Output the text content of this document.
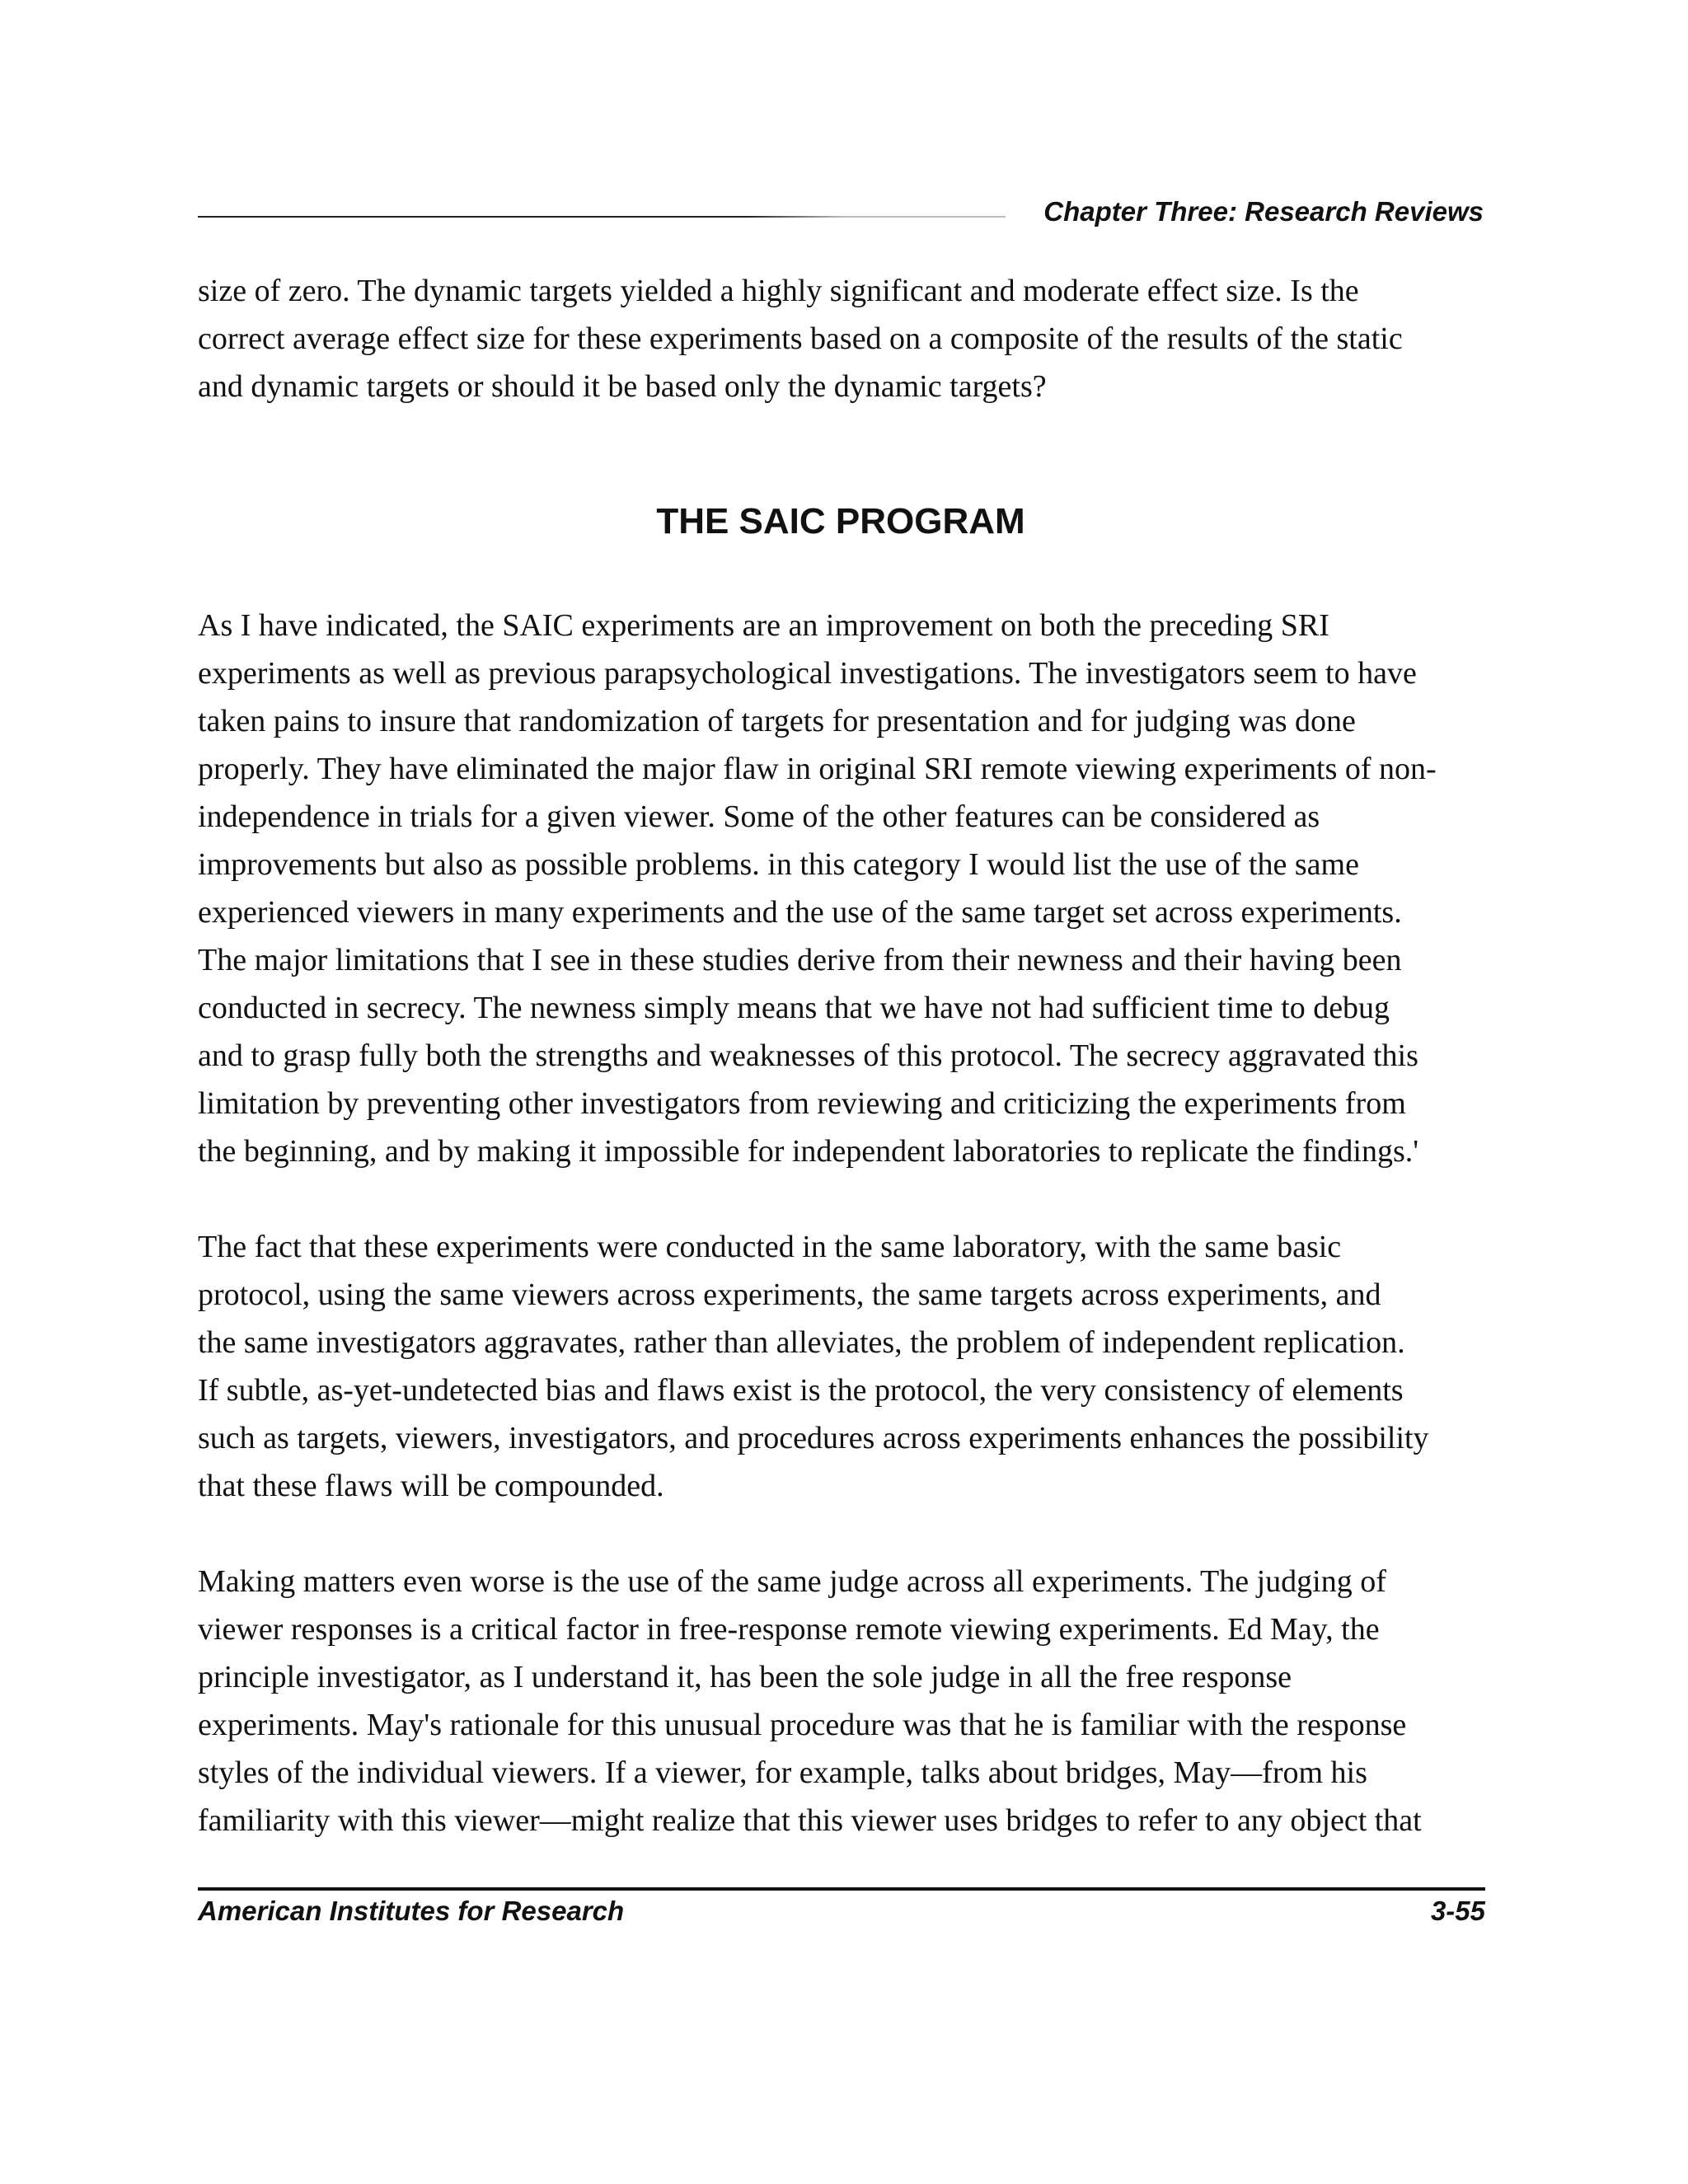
Chapter Three: Research Reviews

size of zero. The dynamic targets yielded a highly significant and moderate effect size. Is the
correct average effect size for these experiments based on a composite of the results of the static
and dynamic targets or should it be based only the dynamic targets?

THE SAIC PROGRAM

As I have indicated, the SAIC experiments are an improvement on both the preceding SRI
experiments as well as previous parapsychological investigations. The investigators seem to have
taken pains to insure that randomization of targets for presentation and for judging was done
properly. They have eliminated the major flaw in original SRI remote viewing experiments of non-
independence in trials for a given viewer. Some of the other features can be considered as
improvements but also as possible problems. in this category I would list the use of the same
experienced viewers in many experiments and the use of the same target set across experiments.
The major limitations that I see in these studies derive from their newness and their having been
conducted in secrecy. The newness simply means that we have not had sufficient time to debug
and to grasp fully both the strengths and weaknesses of this protocol. The secrecy aggravated this
limitation by preventing other investigators from reviewing and criticizing the experiments from
the beginning, and by making it impossible for independent laboratories to replicate the findings.'

The fact that these experiments were conducted in the same laboratory, with the same basic
protocol, using the same viewers across experiments, the same targets across experiments, and
the same investigators aggravates, rather than alleviates, the problem of independent replication.
If subtle, as-yet-undetected bias and flaws exist is the protocol, the very consistency of elements
such as targets, viewers, investigators, and procedures across experiments enhances the possibility
that these flaws will be compounded.

Making matters even worse is the use of the same judge across all experiments. The judging of
viewer responses is a critical factor in free-response remote viewing experiments. Ed May, the
principle investigator, as I understand it, has been the sole judge in all the free response
experiments. May's rationale for this unusual procedure was that he is familiar with the response
styles of the individual viewers. If a viewer, for example, talks about bridges, May—from his
familiarity with this viewer—might realize that this viewer uses bridges to refer to any object that

American Institutes for Research	3-55
